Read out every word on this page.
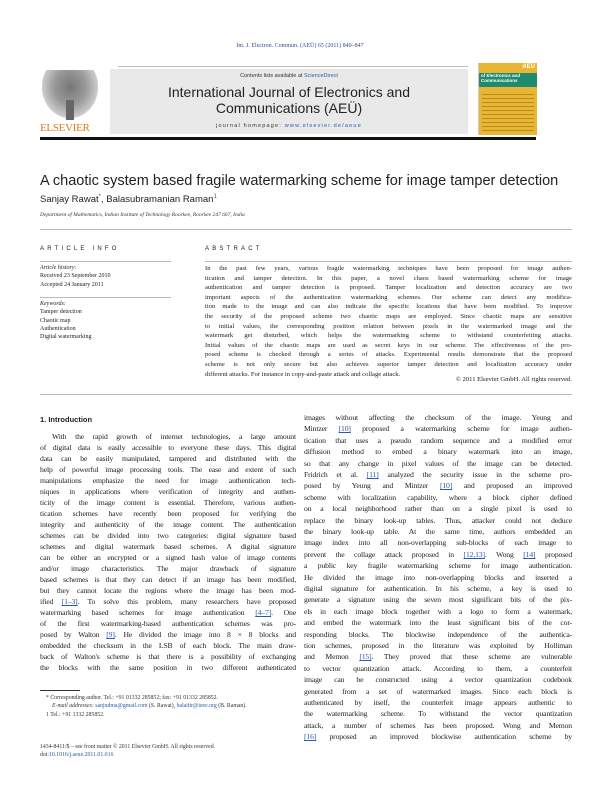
Int. J. Electron. Commun. (AEÜ) 65 (2011) 840–847
ELSEVIER
Contents lists available at ScienceDirect
International Journal of Electronics and
Communications (AEÜ)
journal homepage: www.elsevier.de/aeue
AEÜ
of Electronics and Communications
A chaotic system based fragile watermarking scheme for image tamper detection
Sanjay Rawat*, Balasubramanian Raman$^1$
Department of Mathematics, Indian Institute of Technology Roorkee, Roorkee 247 667, India
ARTICLE INFO
Article history:
Received 23 September 2010
Accepted 24 January 2011
Keywords:
Tamper detection
Chaotic map
Authentication
Digital watermarking
ABSTRACT
In the past few years, various fragile watermarking techniques have been proposed for image authen-
tication and tamper detection. In this paper, a novel chaos based watermarking scheme for image
authentication and tamper detection is proposed. Tamper localization and detection accuracy are two
important aspects of the authentication watermarking schemes. Our scheme can detect any modifica-
tion made to the image and can also indicate the specific locations that have been modified. To improve
the security of the proposed scheme two chaotic maps are employed. Since chaotic maps are sensitive
to initial values, the corresponding position relation between pixels in the watermarked image and the
watermark get disturbed, which helps the watermarking scheme to withstand counterfeiting attacks.
Initial values of the chaotic maps are used as secret keys in our scheme. The effectiveness of the pro-
posed scheme is checked through a series of attacks. Experimental results demonstrate that the proposed
scheme is not only secure but also achieves superior tamper detection and localization accuracy under
different attacks. For instance in copy-and-paste attack and collage attack.
© 2011 Elsevier GmbH. All rights reserved.
1. Introduction
With the rapid growth of internet technologies, a large amount
of digital data is easily accessible to everyone these days. This digital
data can be easily manipulated, tampered and distributed with the
help of powerful image processing tools. The ease and extent of such
manipulations emphasize the need for image authentication tech-
niques in applications where verification of integrity and authen-
ticity of the image content is essential. Therefore, various authen-
tication schemes have recently been proposed for verifying the
integrity and authenticity of the image content. The authentication
schemes can be divided into two categories: digital signature based
schemes and digital watermark based schemes. A digital signature
can be either an encrypted or a signed hash value of image contents
and/or image characteristics. The major drawback of signature
based schemes is that they can detect if an image has been modified,
but they cannot locate the regions where the image has been mod-
ified [1–3]. To solve this problem, many researchers have proposed
watermarking based schemes for image authentication [4–7]. One
of the first watermarking-based authentication schemes was pro-
posed by Walton [9]. He divided the image into 8 × 8 blocks and
embedded the checksum in the LSB of each block. The main draw-
back of Walton's scheme is that there is a possibility of exchanging
the blocks with the same position in two different authenticated
images without affecting the checksum of the image. Yeung and
Mintzer [10] proposed a watermarking scheme for image authen-
tication that uses a pseudo random sequence and a modified error
diffusion method to embed a binary watermark into an image,
so that any change in pixel values of the image can be detected.
Fridrich et al. [11] analyzed the security issue in the scheme pro-
posed by Yeung and Mintzer [10] and proposed an improved
scheme with localization capability, where a block cipher defined
on a local neighborhood rather than on a single pixel is used to
replace the binary look-up tables. Thus, attacker could not deduce
the binary look-up table. At the same time, authors embedded an
image index into all non-overlapping sub-blocks of each image to
prevent the collage attack proposed in [12,13]. Wong [14] proposed
a public key fragile watermarking scheme for image authentication.
He divided the image into non-overlapping blocks and inserted a
digital signature for authentication. In his scheme, a key is used to
generate a signature using the seven most significant bits of the pix-
els in each image block together with a logo to form a watermark,
and embed the watermark into the least significant bits of the cor-
responding blocks. The blockwise independence of the authentica-
tion schemes, proposed in the literature was exploited by Holliman
and Memon [15]. They proved that these scheme are vulnerable
to vector quantization attack. According to them, a counterfeit
image can be constructed using a vector quantization codebook
generated from a set of watermarked images. Since each block is
authenticated by itself, the counterfeit image appears authentic to
the watermarking scheme. To withstand the vector quantization
attack, a number of schemes has been proposed. Wong and Memon
[16] proposed an improved blockwise authentication scheme by
* Corresponding author. Tel.: +91 01332 285852; fax: +91 01332 285852.
E-mail addresses: sanjudma@gmail.com (S. Rawat), balaiitr@ieee.org (B. Raman).
1 Tel.: +91 1332 285852.
1434-8411/$ – see front matter © 2011 Elsevier GmbH. All rights reserved.
doi:10.1016/j.aeue.2011.01.016
